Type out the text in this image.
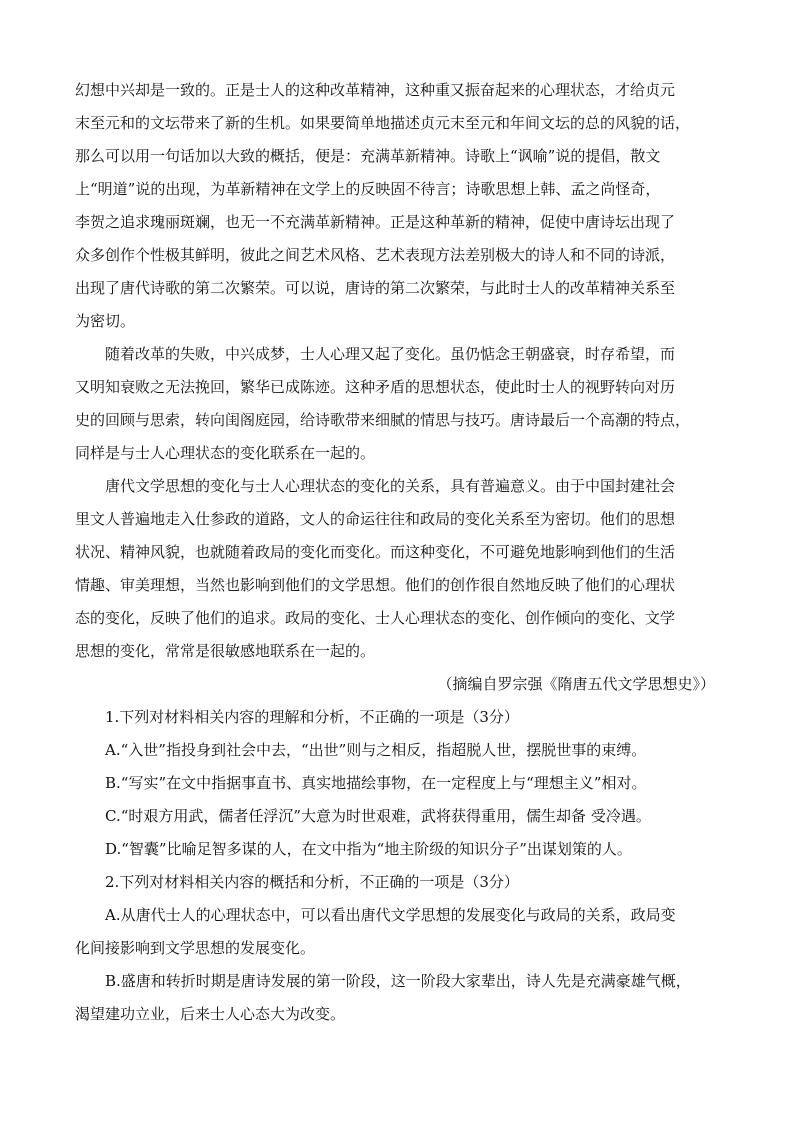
幻想中兴却是一致的。正是士人的这种改革精神，这种重又振奋起来的心理状态，才给贞元
末至元和的文坛带来了新的生机。如果要简单地描述贞元末至元和年间文坛的总的风貌的话，
那么可以用一句话加以大致的概括，便是：充满革新精神。诗歌上“讽喻”说的提倡，散文
上“明道”说的出现，为革新精神在文学上的反映固不待言；诗歌思想上韩、孟之尚怪奇，
李贺之追求瑰丽斑斓，也无一不充满革新精神。正是这种革新的精神，促使中唐诗坛出现了
众多创作个性极其鲜明，彼此之间艺术风格、艺术表现方法差别极大的诗人和不同的诗派，
出现了唐代诗歌的第二次繁荣。可以说，唐诗的第二次繁荣，与此时士人的改革精神关系至
为密切。
随着改革的失败，中兴成梦，士人心理又起了变化。虽仍惦念王朝盛衰，时存希望，而
又明知衰败之无法挽回，繁华已成陈迹。这种矛盾的思想状态，使此时士人的视野转向对历
史的回顾与思索，转向闺阁庭园，给诗歌带来细腻的情思与技巧。唐诗最后一个高潮的特点，
同样是与士人心理状态的变化联系在一起的。
唐代文学思想的变化与士人心理状态的变化的关系，具有普遍意义。由于中国封建社会
里文人普遍地走入仕参政的道路，文人的命运往往和政局的变化关系至为密切。他们的思想
状况、精神风貌，也就随着政局的变化而变化。而这种变化，不可避免地影响到他们的生活
情趣、审美理想，当然也影响到他们的文学思想。他们的创作很自然地反映了他们的心理状
态的变化，反映了他们的追求。政局的变化、士人心理状态的变化、创作倾向的变化、文学
思想的变化，常常是很敏感地联系在一起的。
（摘编自罗宗强《隋唐五代文学思想史》）
1.下列对材料相关内容的理解和分析，不正确的一项是（3分）
A.“入世”指投身到社会中去，“出世”则与之相反，指超脱人世，摆脱世事的束缚。
B.“写实”在文中指据事直书、真实地描绘事物，在一定程度上与“理想主义”相对。
C.“时艰方用武，儒者任浮沉”大意为时世艰难，武将获得重用，儒生却备 受冷遇。
D.“智囊”比喻足智多谋的人，在文中指为“地主阶级的知识分子”出谋划策的人。
2.下列对材料相关内容的概括和分析，不正确的一项是（3分）
A.从唐代士人的心理状态中，可以看出唐代文学思想的发展变化与政局的关系，政局变
化间接影响到文学思想的发展变化。
B.盛唐和转折时期是唐诗发展的第一阶段，这一阶段大家辈出，诗人先是充满豪雄气概，
渴望建功立业，后来士人心态大为改变。
